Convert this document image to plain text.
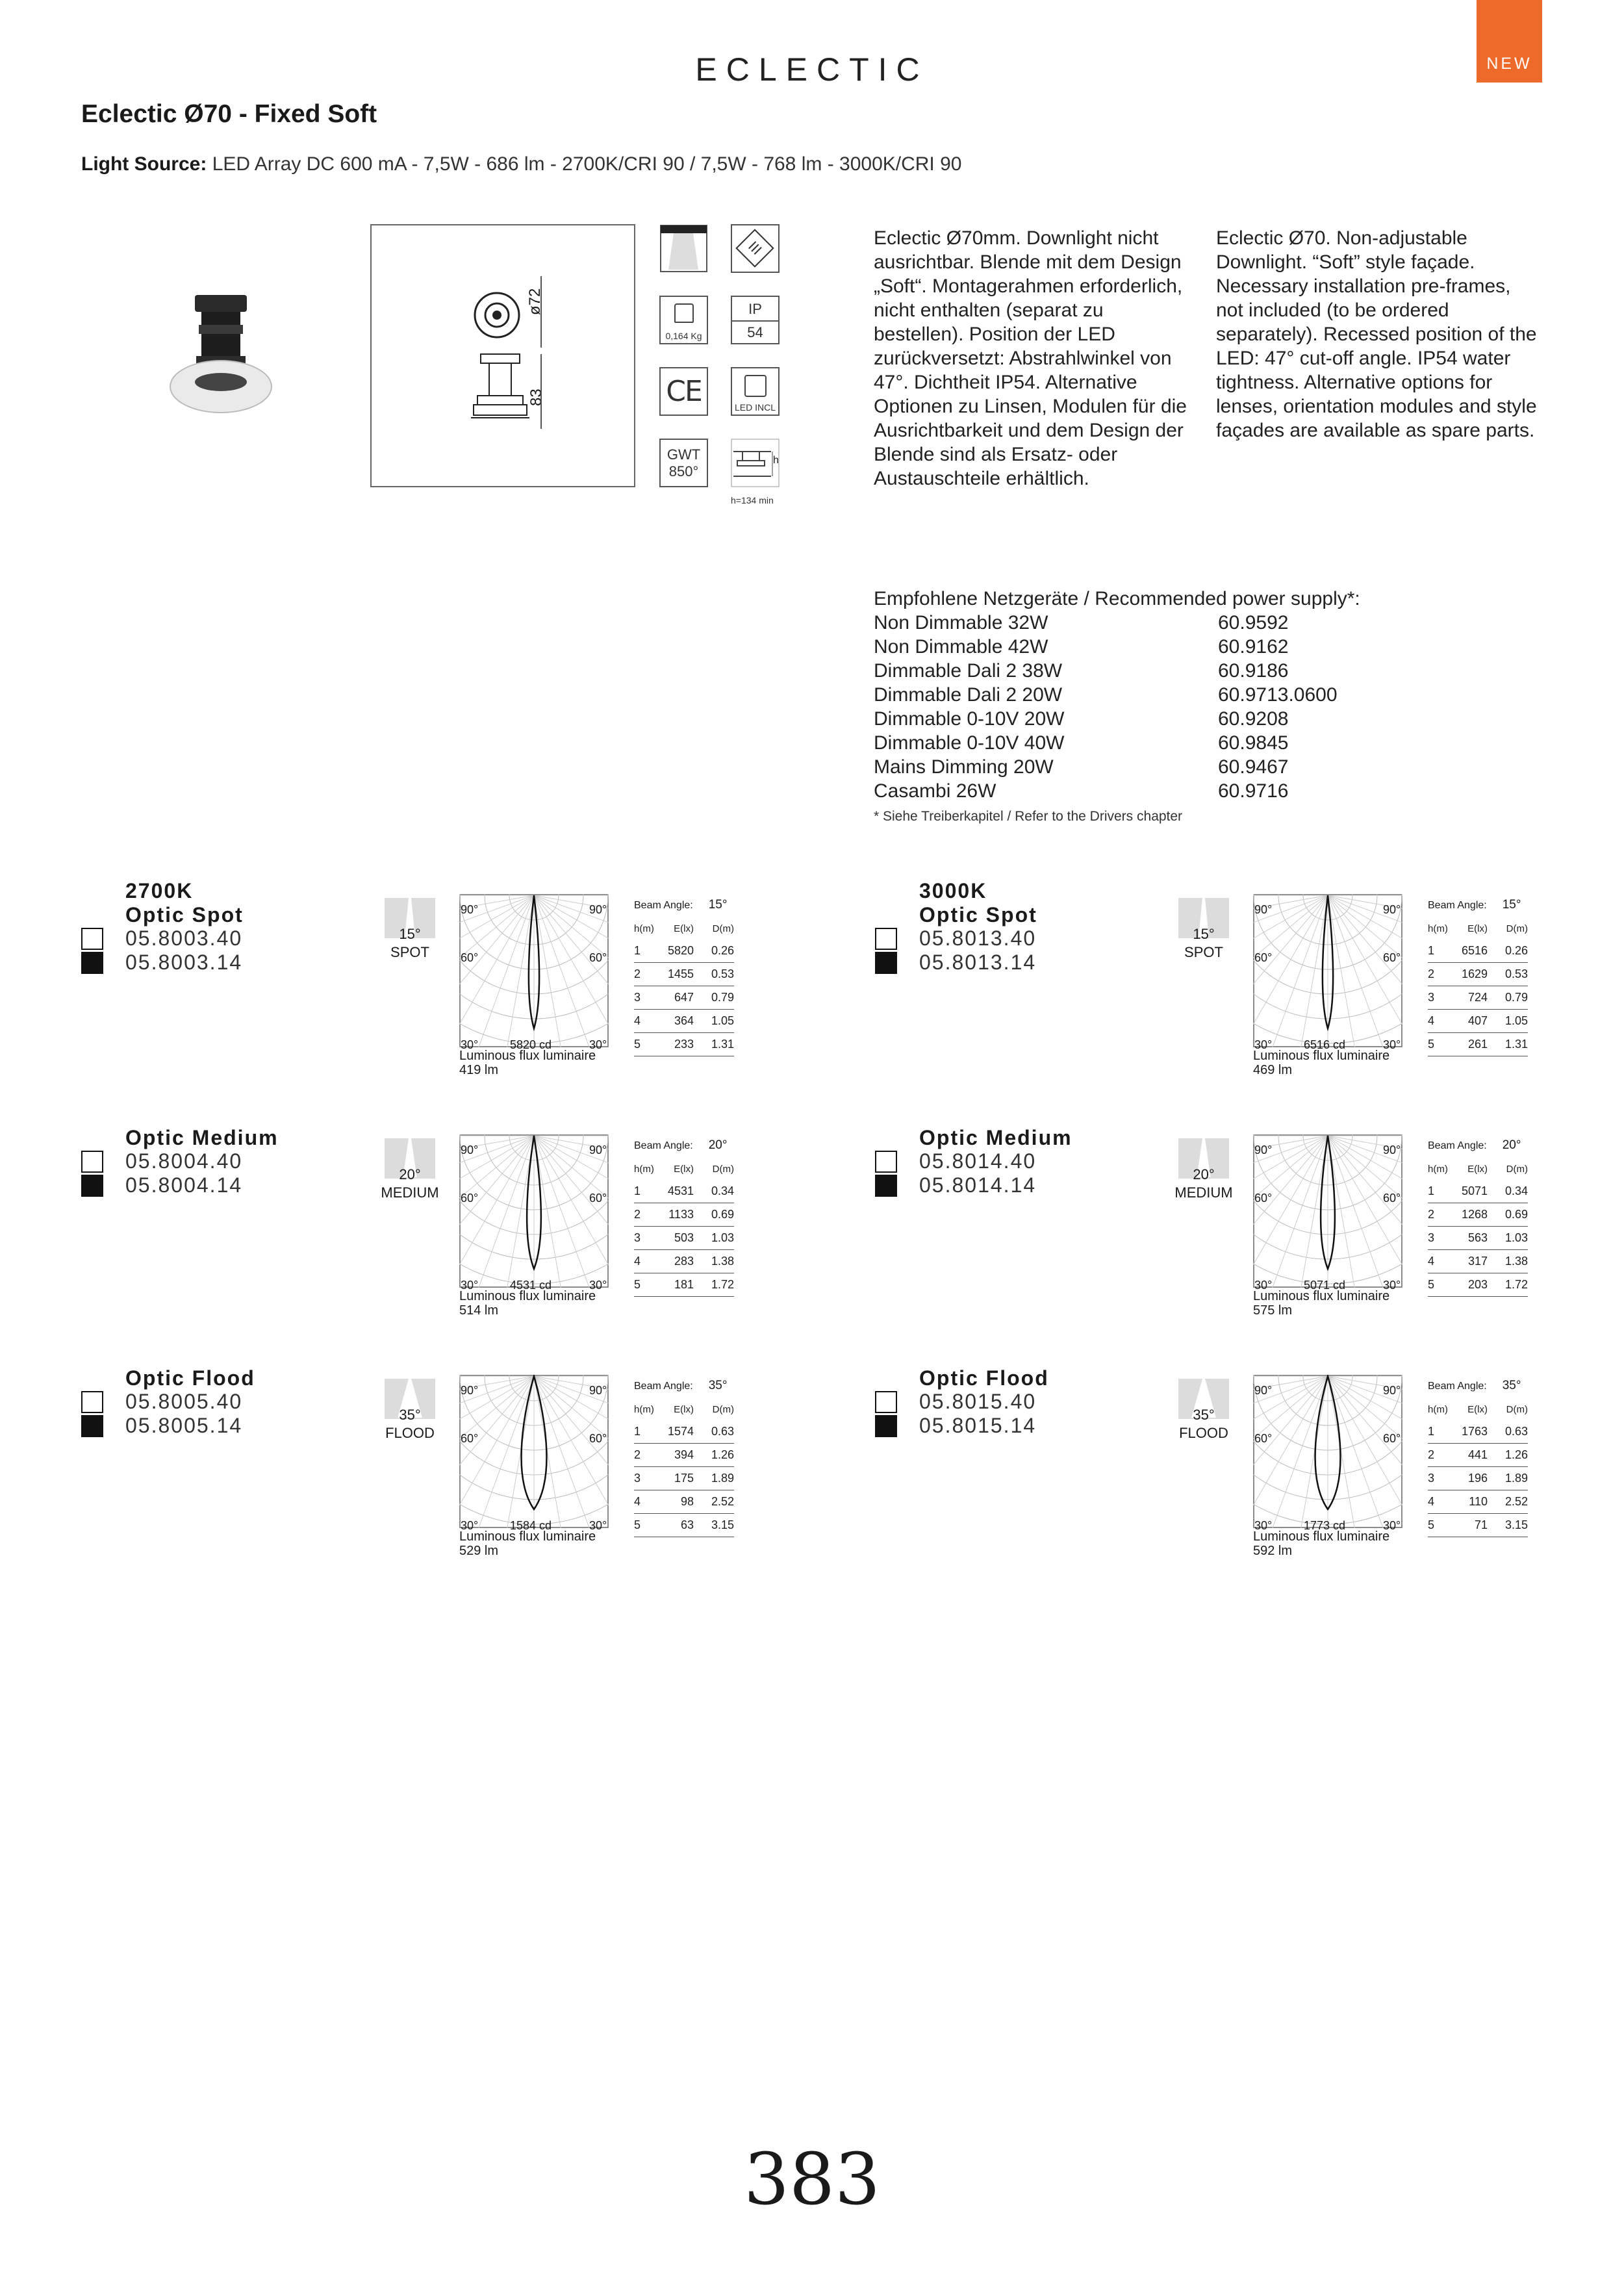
ECLECTIC	NEW
Eclectic Ø70 - Fixed Soft
Light Source: LED Array DC 600 mA - 7,5W - 686 lm - 2700K/CRI 90 / 7,5W - 768 lm - 3000K/CRI 90
ø72
83
III
0,164 Kg
IP
54
CE	LED INCL
GWT
850°
h
h=134 min
Eclectic Ø70mm. Downlight nicht ausrichtbar. Blende mit dem Design „Soft“. Montagerahmen erforderlich, nicht enthalten (separat zu bestellen). Position der LED zurückversetzt: Abstrahlwinkel von 47°. Dichtheit IP54. Alternative Optionen zu Linsen, Modulen für die Ausrichtbarkeit und dem Design der Blende sind als Ersatz- oder Austauschteile erhältlich.
Eclectic Ø70. Non-adjustable Downlight. “Soft” style façade. Necessary installation pre-frames, not included (to be ordered separately). Recessed position of the LED: 47° cut-off angle. IP54 water tightness. Alternative options for lenses, orientation modules and style façades are available as spare parts.
Empfohlene Netzgeräte / Recommended power supply*:
Non Dimmable 32W	60.9592
Non Dimmable 42W	60.9162
Dimmable Dali 2 38W	60.9186
Dimmable Dali 2 20W	60.9713.0600
Dimmable 0-10V 20W	60.9208
Dimmable 0-10V 40W	60.9845
Mains Dimming 20W	60.9467
Casambi 26W	60.9716
* Siehe Treiberkapitel / Refer to the Drivers chapter
2700K
Optic Spot
05.8003.40
05.8003.14
15°
SPOT
90°	90°
60°	60°
30°	30°
5820 cd
Luminous flux luminaire
419 lm
Beam Angle: 15°
h(m)	E(lx)	D(m)
1	5820	0.26
2	1455	0.53
3	647	0.79
4	364	1.05
5	233	1.31
Optic Medium
05.8004.40
05.8004.14	20°
MEDIUM
90°	90°
60°	60°
30°	30°
4531 cd
Luminous flux luminaire
514 lm
Beam Angle: 20°
h(m)	E(lx)	D(m)
1	4531	0.34
2	1133	0.69
3	503	1.03
4	283	1.38
5	181	1.72
Optic Flood
05.8005.40
05.8005.14	35°
FLOOD
90°	90°
60°	60°
30°	30°
1584 cd
Luminous flux luminaire
529 lm
Beam Angle: 35°
h(m)	E(lx)	D(m)
1	1574	0.63
2	394	1.26
3	175	1.89
4	98	2.52
5	63	3.15
3000K
Optic Spot
05.8013.40
05.8013.14
15°
SPOT
90°	90°
60°	60°
30°	30°
6516 cd
Luminous flux luminaire
469 lm
Beam Angle: 15°
h(m)	E(lx)	D(m)
1	6516	0.26
2	1629	0.53
3	724	0.79
4	407	1.05
5	261	1.31
Optic Medium
05.8014.40
05.8014.14	20°
MEDIUM
90°	90°
60°	60°
30°	30°
5071 cd
Luminous flux luminaire
575 lm
Beam Angle: 20°
h(m)	E(lx)	D(m)
1	5071	0.34
2	1268	0.69
3	563	1.03
4	317	1.38
5	203	1.72
Optic Flood
05.8015.40
05.8015.14	35°
FLOOD
90°	90°
60°	60°
30°	30°
1773 cd
Luminous flux luminaire
592 lm
Beam Angle: 35°
h(m)	E(lx)	D(m)
1	1763	0.63
2	441	1.26
3	196	1.89
4	110	2.52
5	71	3.15
383
